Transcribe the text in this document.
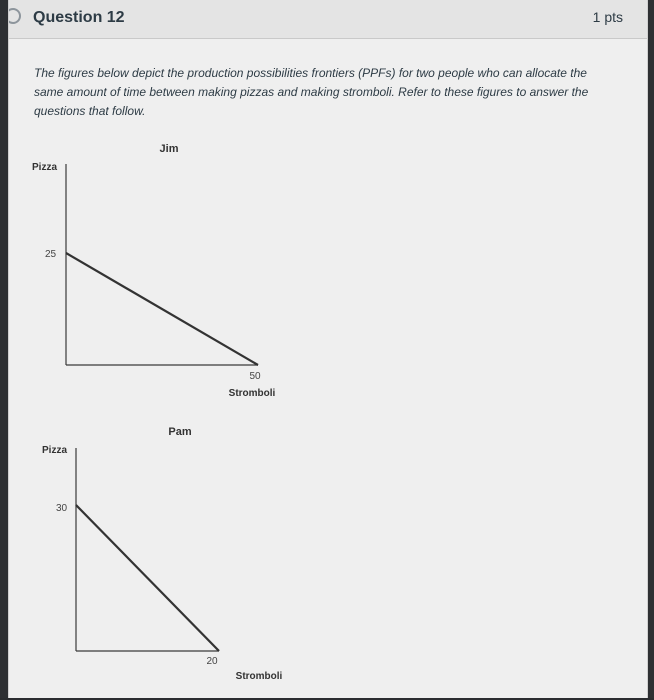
Question 12	1 pts
The figures below depict the production possibilities frontiers (PPFs) for two people who can allocate the same amount of time between making pizzas and making stromboli. Refer to these figures to answer the questions that follow.
Jim
Pizza
25
50
Stromboli
Pam
Pizza
30
20
Stromboli
